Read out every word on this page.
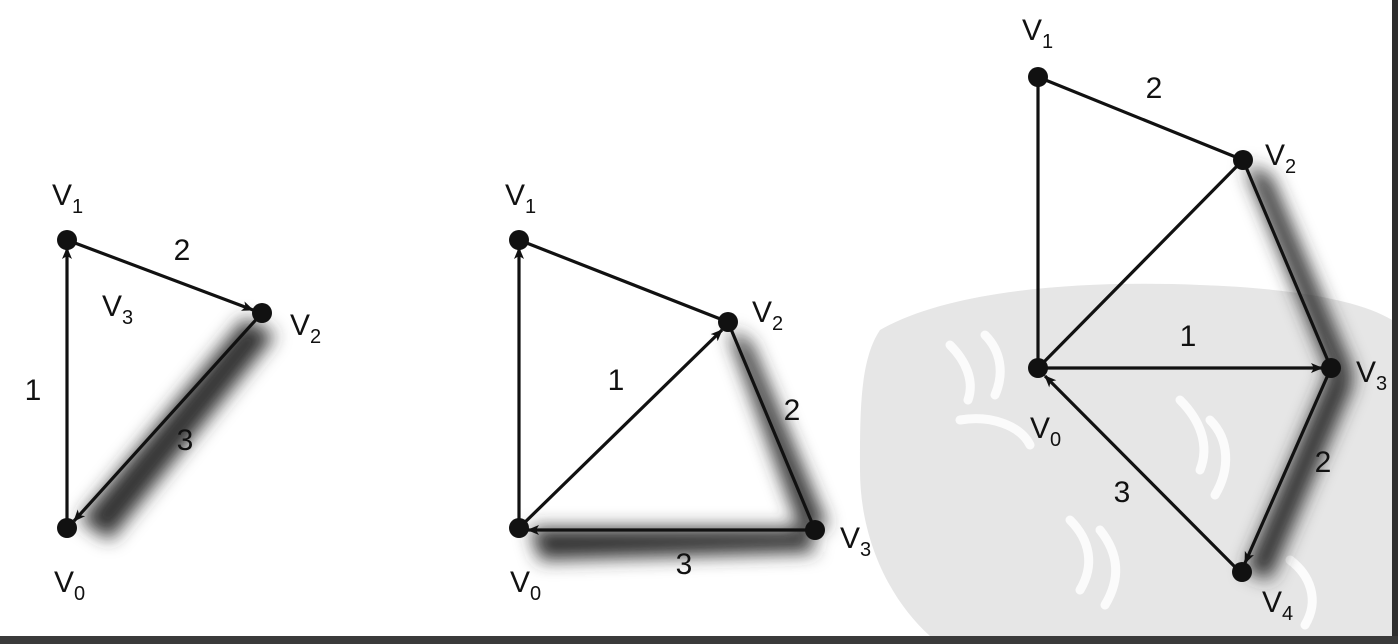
V1
V2
V0
V3
2
1
3
V1
V2
V0
V3
1
2
3
V1
V2
V3
V0
V4
2
1
2
3
